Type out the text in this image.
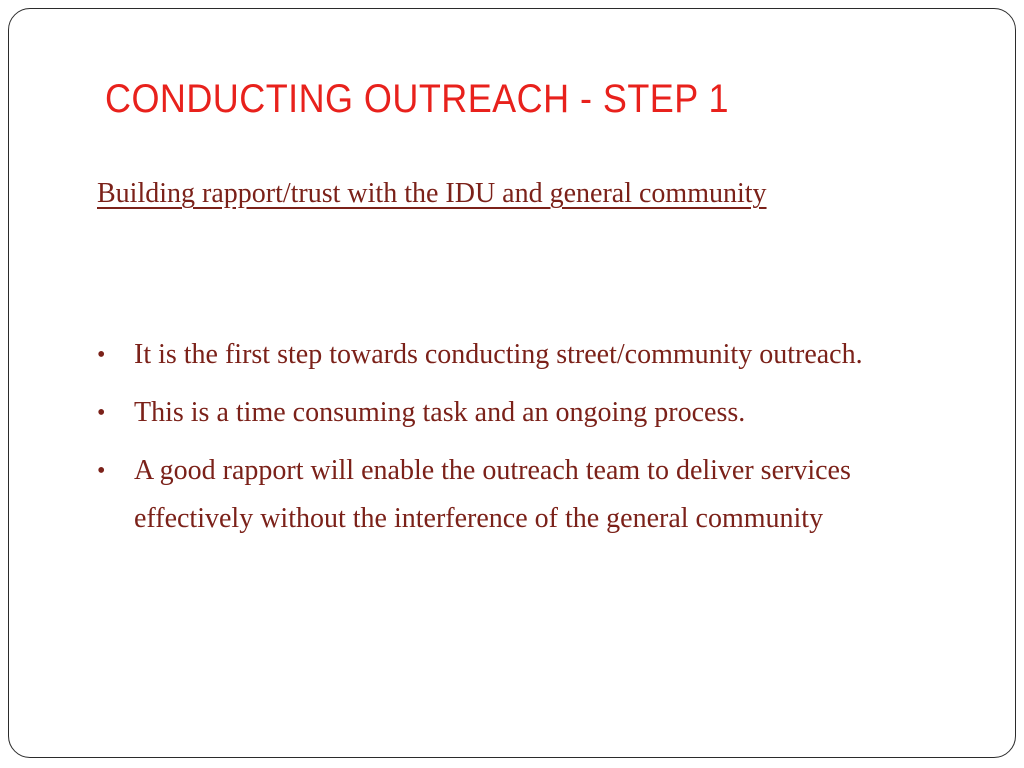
CONDUCTING OUTREACH - STEP 1

Building rapport/trust with the IDU and general community

• It is the first step towards conducting street/community outreach.
• This is a time consuming task and an ongoing process.
• A good rapport will enable the outreach team to deliver services effectively without the interference of the general community
